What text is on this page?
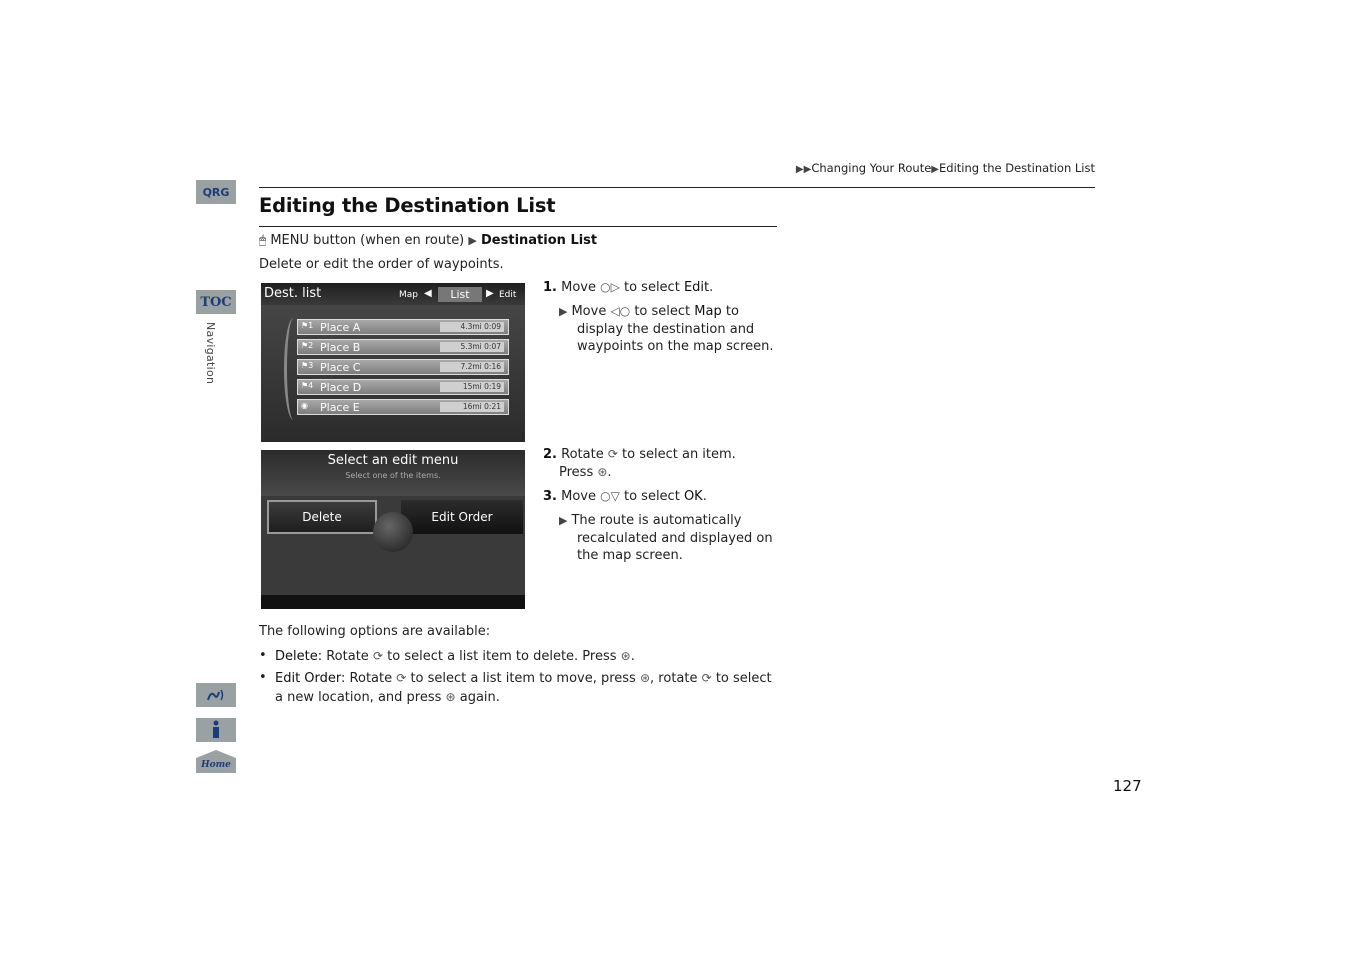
QRG
TOC
Navigation
Home
▶▶Changing Your Route▶Editing the Destination List
Editing the Destination List
🖱︎ MENU button (when en route) ▶ Destination List
Delete or edit the order of waypoints.
Dest. list	Map ◀	List	▶ Edit
⚑1 Place A	4.3mi 0:09
⚑2 Place B	5.3mi 0:07
⚑3 Place C	7.2mi 0:16
⚑4 Place D	15mi 0:19
◉ Place E	16mi 0:21
Select an edit menu
Select one of the items.
Delete	Edit Order
1. Move ○▷ to select Edit.
▶ Move ◁○ to select Map to
display the destination and
waypoints on the map screen.
2. Rotate ⟳ to select an item.
Press ⊛.
3. Move ○▽ to select OK.
▶ The route is automatically
recalculated and displayed on
the map screen.
The following options are available:
• Delete: Rotate ⟳ to select a list item to delete. Press ⊛.
• Edit Order: Rotate ⟳ to select a list item to move, press ⊛, rotate ⟳ to select
a new location, and press ⊛ again.
127
